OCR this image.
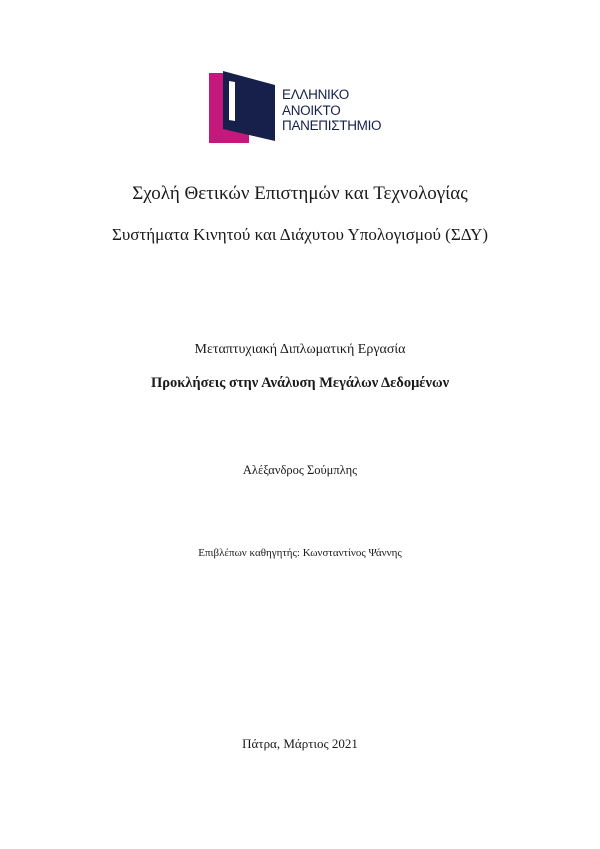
ΕΛΛΗΝΙΚΟ
ΑΝΟΙΚΤΟ
ΠΑΝΕΠΙΣΤΗΜΙΟ
Σχολή Θετικών Επιστημών και Τεχνολογίας
Συστήματα Κινητού και Διάχυτου Υπολογισμού (ΣΔΥ)
Μεταπτυχιακή Διπλωματική Εργασία
Προκλήσεις στην Ανάλυση Μεγάλων Δεδομένων
Αλέξανδρος Σούμπλης
Επιβλέπων καθηγητής: Κωνσταντίνος Ψάννης
Πάτρα, Μάρτιος 2021
